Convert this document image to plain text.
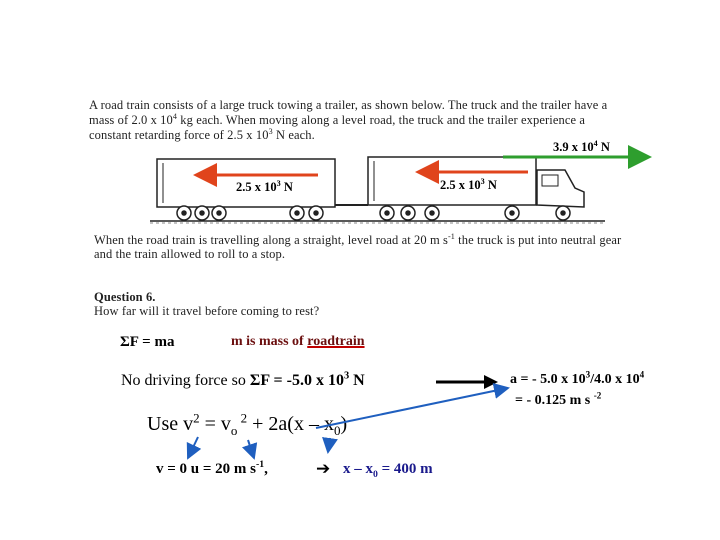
A road train consists of a large truck towing a trailer, as shown below. The truck and the trailer have a
mass of 2.0 x $10^4$ kg each. When moving along a level road, the truck and the trailer experience a
constant retarding force of 2.5 x $10^3$ N each.
3.9 x $10^4$ N
2.5 x $10^3$ N	2.5 x $10^3$ N
When the road train is travelling along a straight, level road at 20 m $s^{-1}$ the truck is put into neutral gear
and the train allowed to roll to a stop.
Question 6.
How far will it travel before coming to rest?
ΣF = ma	m is mass of roadtrain
No driving force so ΣF = -5.0 x $10^3$ N	a = - 5.0 x $10^3/4.0$ x $10^4$
= - 0.125 m s $^{-2}$
Use $v^2 = v_o$ $^2 + 2a(x - x_0)$
v = 0 u = 20 m $s^{-1}$,	➔ $x - x_0 = 400$ m
